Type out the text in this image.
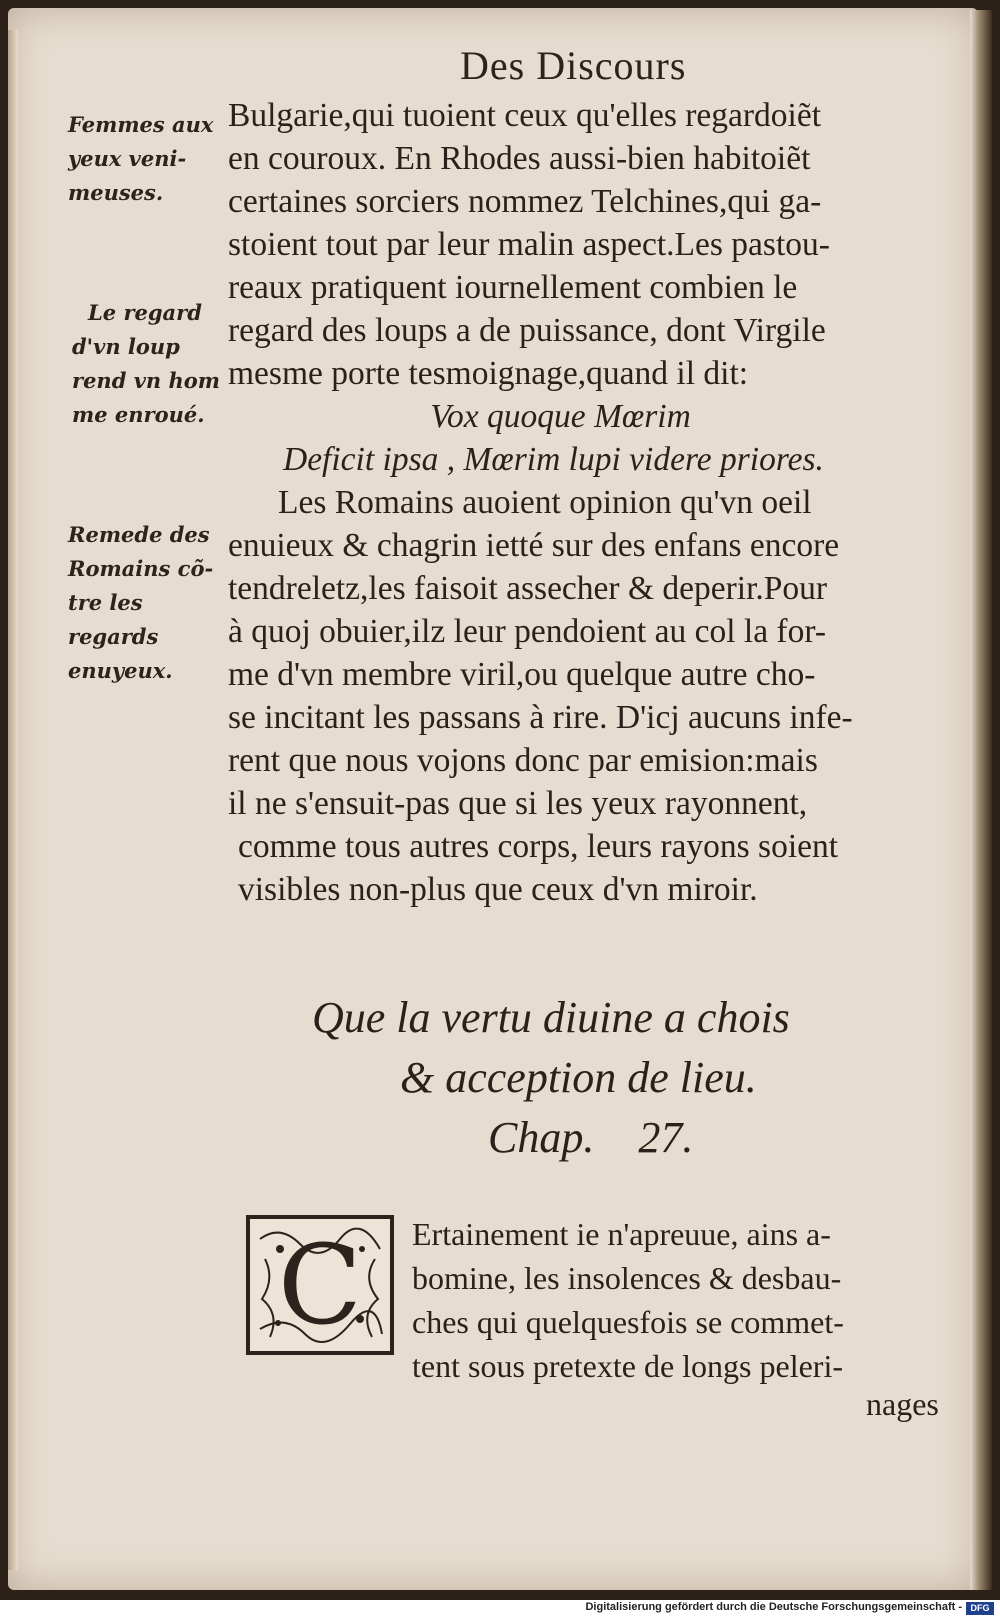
Des Discours
Femmes aux
yeux veni-
meuses.
Le regard
d'vn loup
rend vn hom
me enroué.
Remede des
Romains cõ-
tre les regards
enuyeux.
Bulgarie,qui tuoient ceux qu'elles regardoiẽt
en couroux. En Rhodes aussi-bien habitoiẽt
certaines sorciers nommez Telchines,qui ga-
stoient tout par leur malin aspect.Les pastou-
reaux pratiquent iournellement combien le
regard des loups a de puissance, dont Virgile
mesme porte tesmoignage,quand il dit:
Vox quoque Mœrim
Deficit ipsa , Mœrim lupi videre priores.
Les Romains auoient opinion qu'vn oeil
enuieux & chagrin ietté sur des enfans encore
tendreletz,les faisoit assecher & deperir.Pour
à quoj obuier,ilz leur pendoient au col la for-
me d'vn membre viril,ou quelque autre cho-
se incitant les passans à rire. D'icj aucuns infe-
rent que nous vojons donc par emision:mais
il ne s'ensuit-pas que si les yeux rayonnent,
comme tous autres corps, leurs rayons soient
visibles non-plus que ceux d'vn miroir.
Que la vertu diuine a chois
& acception de lieu.
Chap.    27.
C	Ertainement ie n'apreuue, ains a-
bomine, les insolences & desbau-
ches qui quelquesfois se commet-
tent sous pretexte de longs peleri-
nages
Digitalisierung gefördert durch die Deutsche Forschungsgemeinschaft - DFG
